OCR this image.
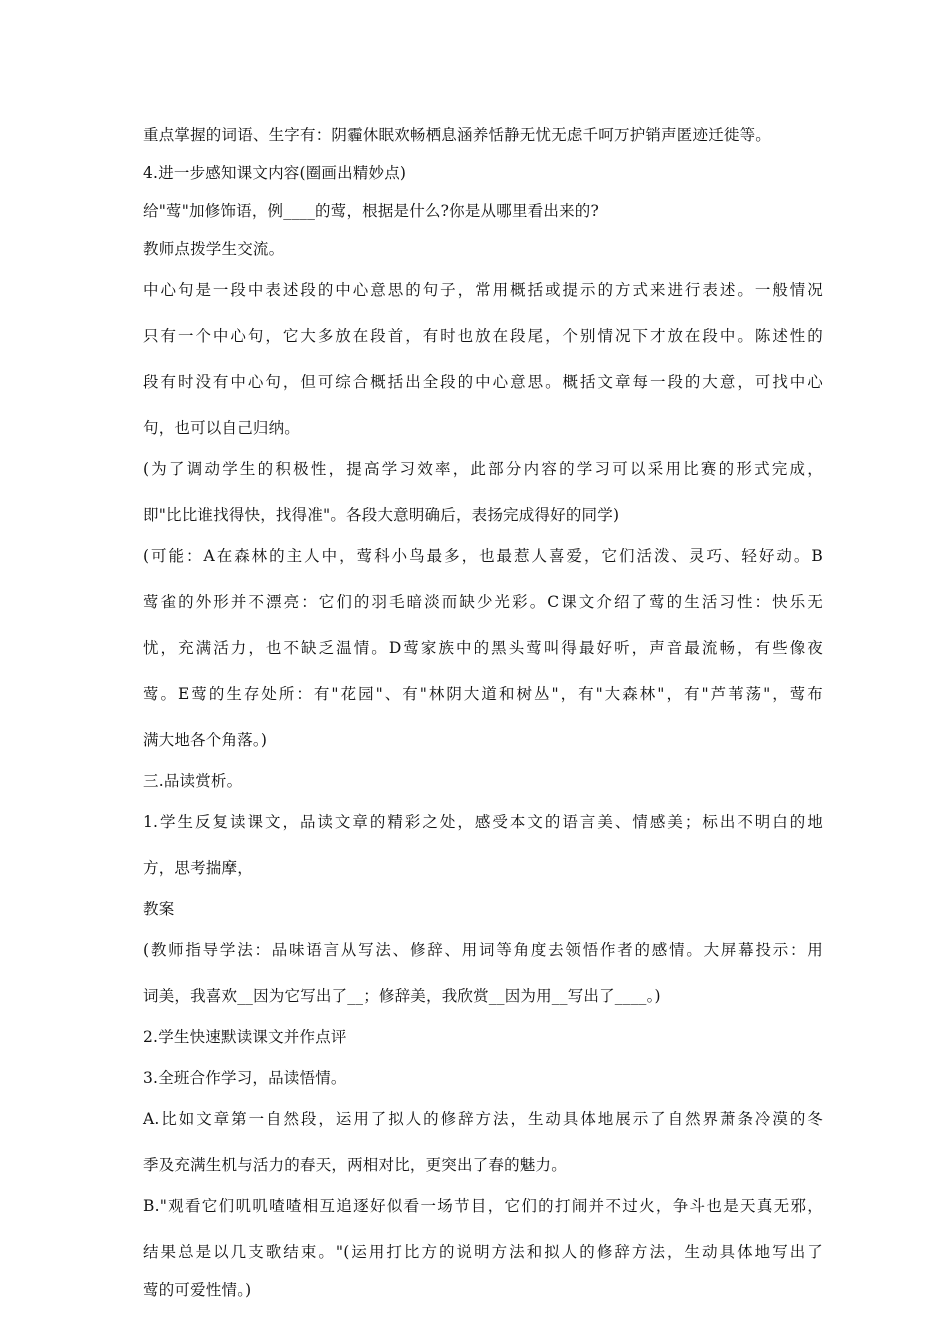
重点掌握的词语、生字有：阴霾休眠欢畅栖息涵养恬静无忧无虑千呵万护销声匿迹迁徙等。
4.进一步感知课文内容(圈画出精妙点)
给"莺"加修饰语，例____的莺，根据是什么?你是从哪里看出来的?
教师点拨学生交流。
中心句是一段中表述段的中心意思的句子，常用概括或提示的方式来进行表述。一般情况
只有一个中心句，它大多放在段首，有时也放在段尾，个别情况下才放在段中。陈述性的
段有时没有中心句，但可综合概括出全段的中心意思。概括文章每一段的大意，可找中心
句，也可以自己归纳。
(为了调动学生的积极性，提高学习效率，此部分内容的学习可以采用比赛的形式完成，
即"比比谁找得快，找得准"。各段大意明确后，表扬完成得好的同学)
(可能：A在森林的主人中，莺科小鸟最多，也最惹人喜爱，它们活泼、灵巧、轻好动。B
莺雀的外形并不漂亮：它们的羽毛暗淡而缺少光彩。C课文介绍了莺的生活习性：快乐无
忧，充满活力，也不缺乏温情。D莺家族中的黑头莺叫得最好听，声音最流畅，有些像夜
莺。E莺的生存处所：有"花园"、有"林阴大道和树丛"，有"大森林"，有"芦苇荡"，莺布
满大地各个角落。)
三.品读赏析。
1.学生反复读课文，品读文章的精彩之处，感受本文的语言美、情感美；标出不明白的地
方，思考揣摩，
教案
(教师指导学法：品味语言从写法、修辞、用词等角度去领悟作者的感情。大屏幕投示：用
词美，我喜欢__因为它写出了__；修辞美，我欣赏__因为用__写出了____。)
2.学生快速默读课文并作点评
3.全班合作学习，品读悟情。
A.比如文章第一自然段，运用了拟人的修辞方法，生动具体地展示了自然界萧条冷漠的冬
季及充满生机与活力的春天，两相对比，更突出了春的魅力。
B."观看它们叽叽喳喳相互追逐好似看一场节目，它们的打闹并不过火，争斗也是天真无邪，
结果总是以几支歌结束。"(运用打比方的说明方法和拟人的修辞方法，生动具体地写出了
莺的可爱性情。)
